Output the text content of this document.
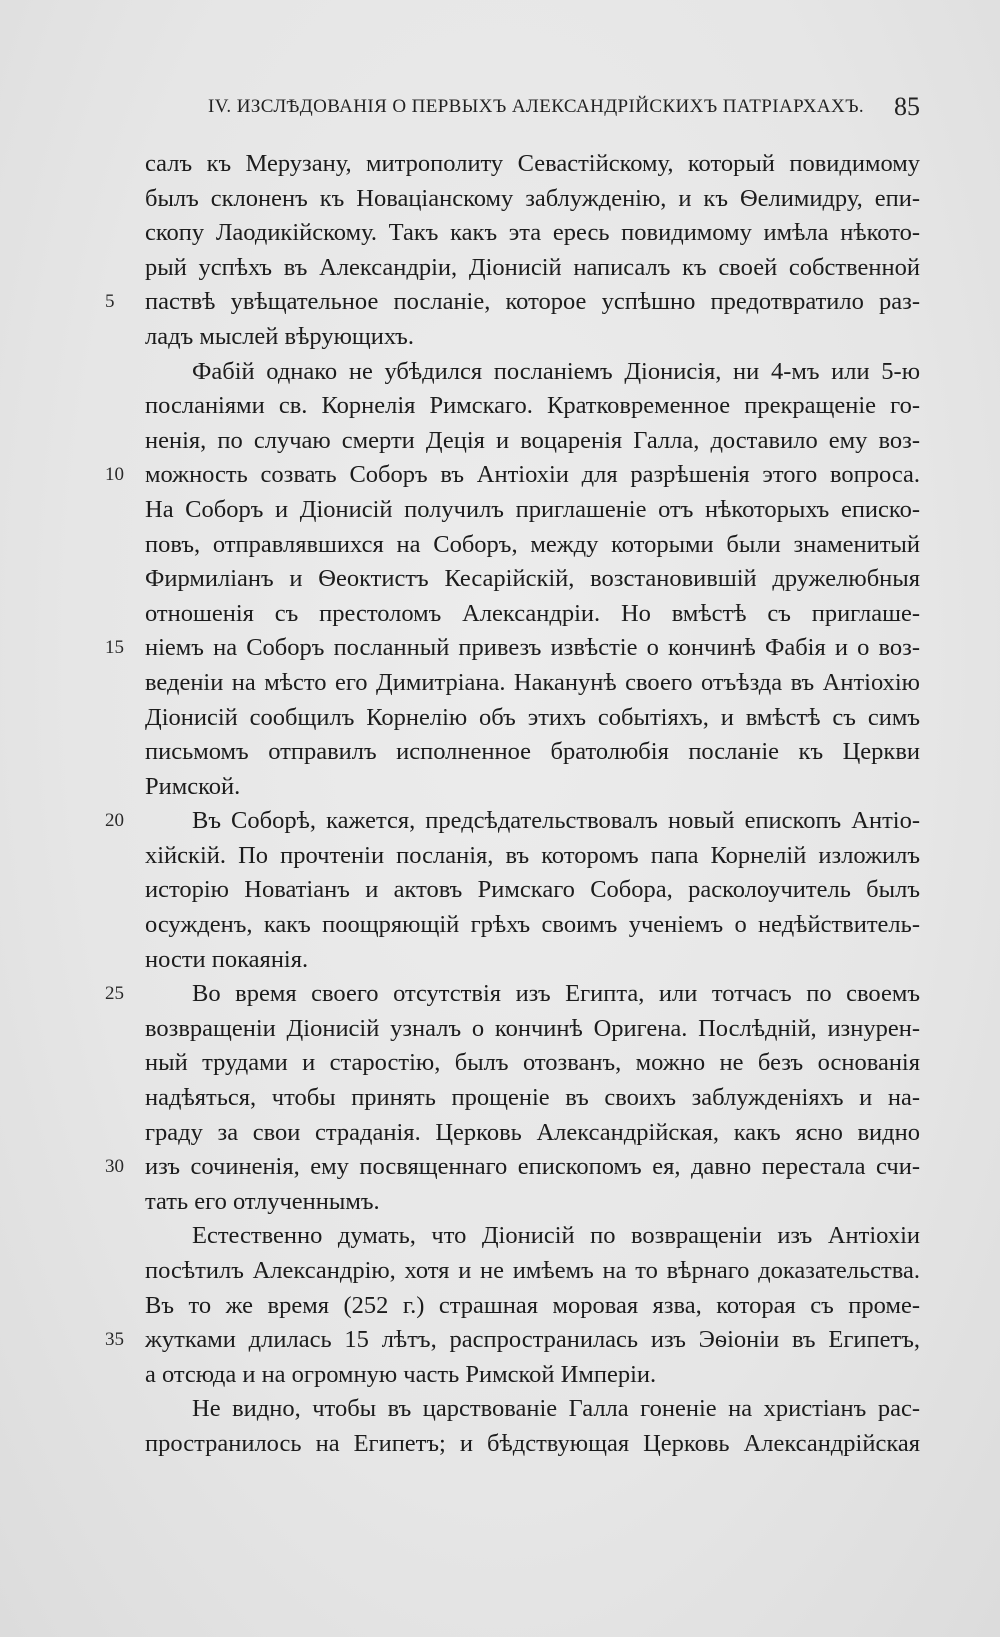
IV. ИЗСЛѢДОВАНІЯ О ПЕРВЫХЪ АЛЕКСАНДРІЙСКИХЪ ПАТРІАРХАХЪ. 85
салъ къ Мерузану, митрополиту Севастійскому, который повидимому
былъ склоненъ къ Новаціанскому заблужденію, и къ Ѳелимидру, епи-
скопу Лаодикійскому. Такъ какъ эта ересь повидимому имѣла нѣкото-
рый успѣхъ въ Александріи, Діонисій написалъ къ своей собственной
5	паствѣ увѣщательное посланіе, которое успѣшно предотвратило раз-
ладъ мыслей вѣрующихъ.
Фабій однако не убѣдился посланіемъ Діонисія, ни 4-мъ или 5-ю
посланіями св. Корнелія Римскаго. Кратковременное прекращеніе го-
ненія, по случаю смерти Деція и воцаренія Галла, доставило ему воз-
10 можность созвать Соборъ въ Антіохіи для разрѣшенія этого вопроса.
На Соборъ и Діонисій получилъ приглашеніе отъ нѣкоторыхъ еписко-
повъ, отправлявшихся на Соборъ, между которыми были знаменитый
Фирмиліанъ и Ѳеоктистъ Кесарійскій, возстановившій дружелюбныя
отношенія съ престоломъ Александріи. Но вмѣстѣ съ приглаше-
15 ніемъ на Соборъ посланный привезъ извѣстіе о кончинѣ Фабія и о воз-
веденіи на мѣсто его Димитріана. Наканунѣ своего отъѣзда въ Антіохію
Діонисій сообщилъ Корнелію объ этихъ событіяхъ, и вмѣстѣ съ симъ
письмомъ отправилъ исполненное братолюбія посланіе къ Церкви
Римской.
20	Въ Соборѣ, кажется, предсѣдательствовалъ новый епископъ Антіо-
хійскій. По прочтеніи посланія, въ которомъ папа Корнелій изложилъ
исторію Новатіанъ и актовъ Римскаго Собора, расколоучитель былъ
осужденъ, какъ поощряющій грѣхъ своимъ ученіемъ о недѣйствитель-
ности покаянія.
25	Во время своего отсутствія изъ Египта, или тотчасъ по своемъ
возвращеніи Діонисій узналъ о кончинѣ Оригена. Послѣдній, изнурен-
ный трудами и старостію, былъ отозванъ, можно не безъ основанія
надѣяться, чтобы принять прощеніе въ своихъ заблужденіяхъ и на-
граду за свои страданія. Церковь Александрійская, какъ ясно видно
30 изъ сочиненія, ему посвященнаго епископомъ ея, давно перестала счи-
тать его отлученнымъ.
Естественно думать, что Діонисій по возвращеніи изъ Антіохіи
посѣтилъ Александрію, хотя и не имѣемъ на то вѣрнаго доказательства.
Въ то же время (252 г.) страшная моровая язва, которая съ проме-
35 жутками длилась 15 лѣтъ, распространилась изъ Эѳіоніи въ Египетъ,
а отсюда и на огромную часть Римской Имперіи.
Не видно, чтобы въ царствованіе Галла гоненіе на христіанъ рас-
пространилось на Египетъ; и бѣдствующая Церковь Александрійская
